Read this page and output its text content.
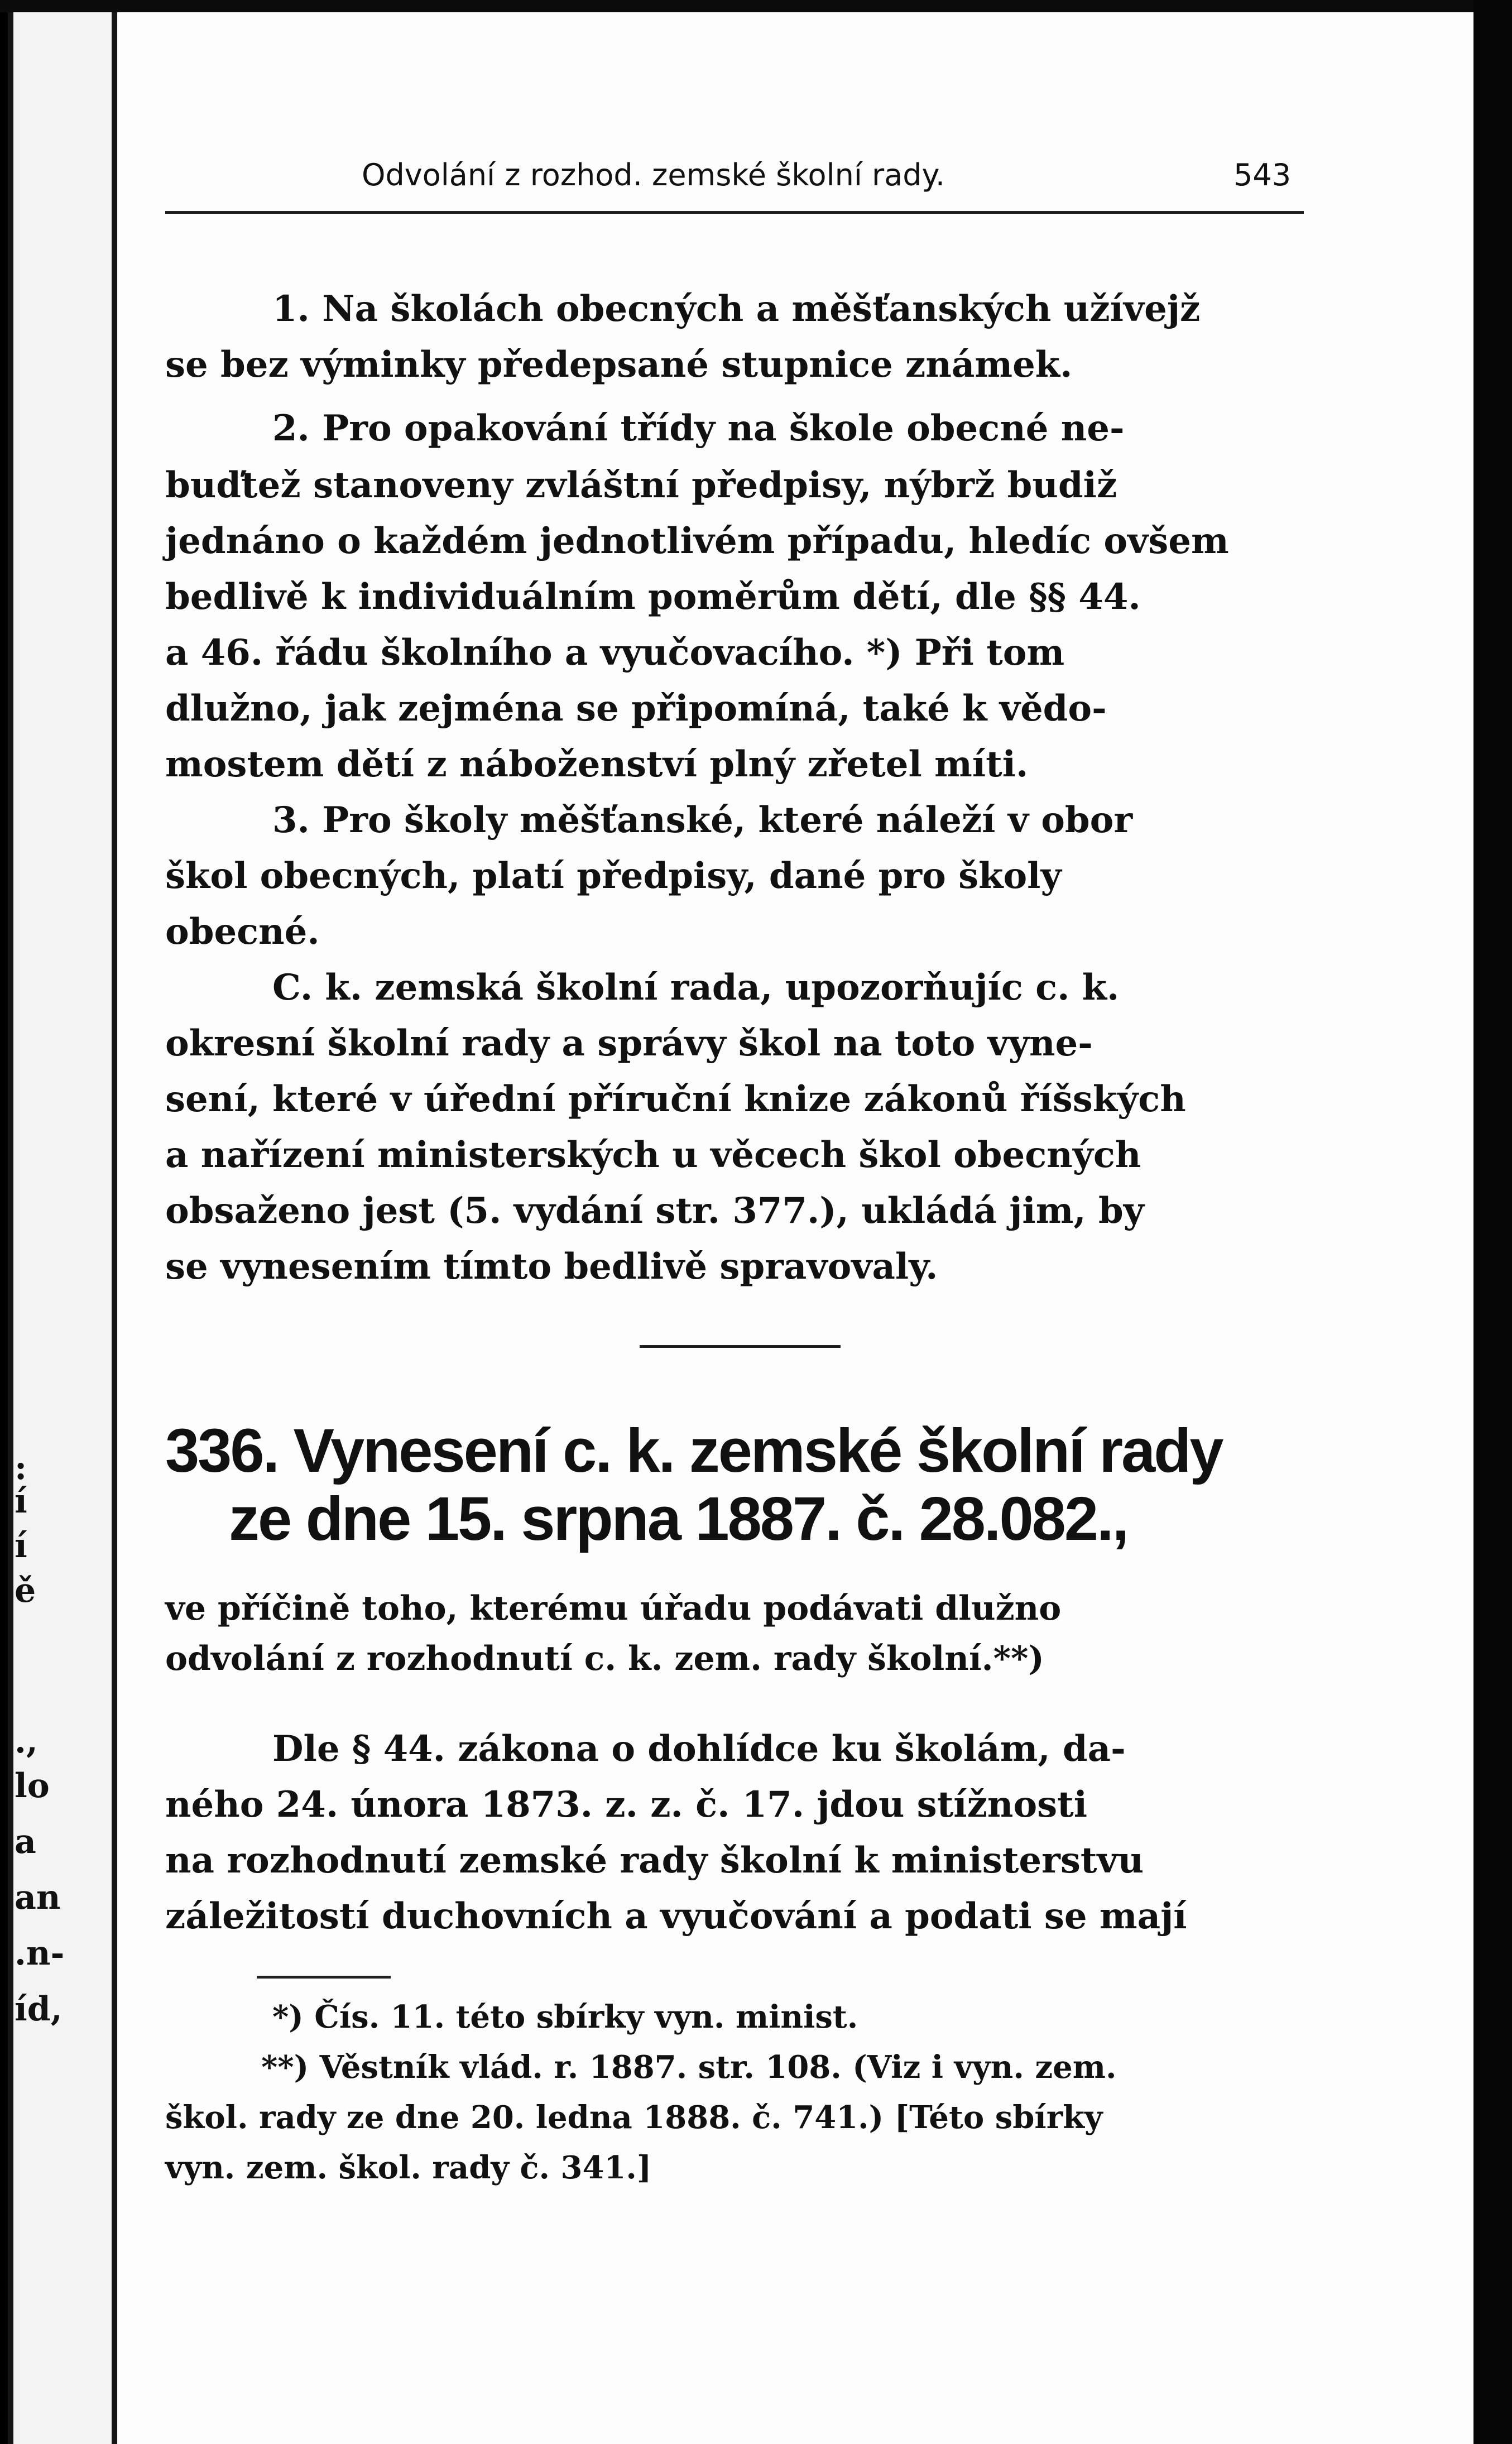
:
í
í
ě
.,
lo
a
an
.n-
íd,
Odvolání z rozhod. zemské školní rady.	543
1. Na školách obecných a měšťanských užívejž
se bez výminky předepsané stupnice známek.
2. Pro opakování třídy na škole obecné ne-
buďtež stanoveny zvláštní předpisy, nýbrž budiž
jednáno o každém jednotlivém případu, hledíc ovšem
bedlivě k individuálním poměrům dětí, dle §§ 44.
a 46. řádu školního a vyučovacího. *) Při tom
dlužno, jak zejména se připomíná, také k vědo-
mostem dětí z náboženství plný zřetel míti.
3. Pro školy měšťanské, které náleží v obor
škol obecných, platí předpisy, dané pro školy
obecné.
C. k. zemská školní rada, upozorňujíc c. k.
okresní školní rady a správy škol na toto vyne-
sení, které v úřední příruční knize zákonů říšských
a nařízení ministerských u věcech škol obecných
obsaženo jest (5. vydání str. 377.), ukládá jim, by
se vynesením tímto bedlivě spravovaly.
336. Vynesení c. k. zemské školní rady
ze dne 15. srpna 1887. č. 28.082.,
ve příčině toho, kterému úřadu podávati dlužno
odvolání z rozhodnutí c. k. zem. rady školní.**)
Dle § 44. zákona o dohlídce ku školám, da-
ného 24. února 1873. z. z. č. 17. jdou stížnosti
na rozhodnutí zemské rady školní k ministerstvu
záležitostí duchovních a vyučování a podati se mají
*) Čís. 11. této sbírky vyn. minist.
**) Věstník vlád. r. 1887. str. 108. (Viz i vyn. zem.
škol. rady ze dne 20. ledna 1888. č. 741.) [Této sbírky
vyn. zem. škol. rady č. 341.]
